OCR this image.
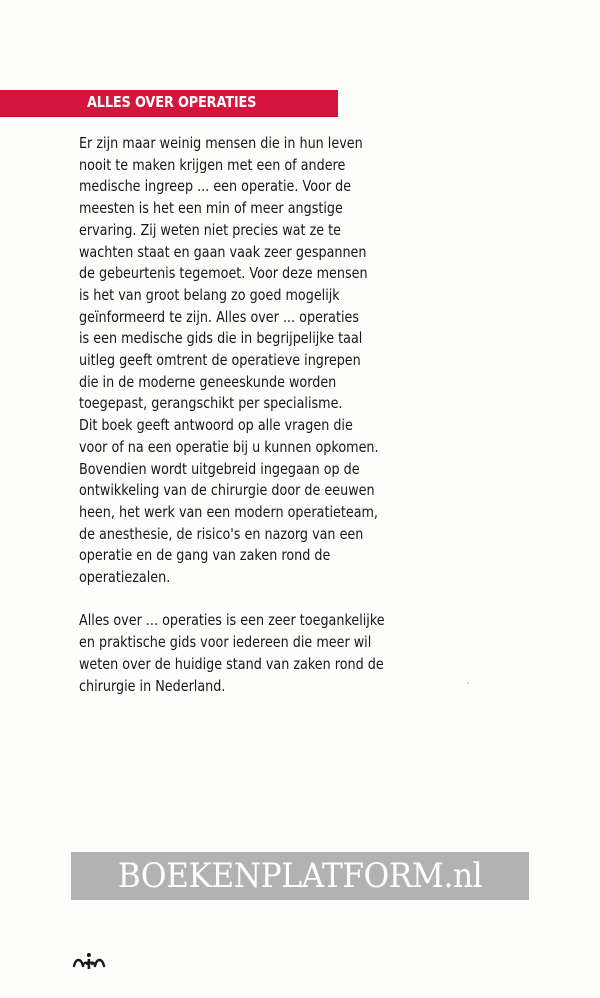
ALLES OVER OPERATIES
Er zijn maar weinig mensen die in hun leven
nooit te maken krijgen met een of andere
medische ingreep ... een operatie. Voor de
meesten is het een min of meer angstige
ervaring. Zij weten niet precies wat ze te
wachten staat en gaan vaak zeer gespannen
de gebeurtenis tegemoet. Voor deze mensen
is het van groot belang zo goed mogelijk
geïnformeerd te zijn. Alles over ... operaties
is een medische gids die in begrijpelijke taal
uitleg geeft omtrent de operatieve ingrepen
die in de moderne geneeskunde worden
toegepast, gerangschikt per specialisme.
Dit boek geeft antwoord op alle vragen die
voor of na een operatie bij u kunnen opkomen.
Bovendien wordt uitgebreid ingegaan op de
ontwikkeling van de chirurgie door de eeuwen
heen, het werk van een modern operatieteam,
de anesthesie, de risico's en nazorg van een
operatie en de gang van zaken rond de
operatiezalen.
Alles over ... operaties is een zeer toegankelijke
en praktische gids voor iedereen die meer wil
weten over de huidige stand van zaken rond de
chirurgie in Nederland.
BOEKENPLATFORM.nl
